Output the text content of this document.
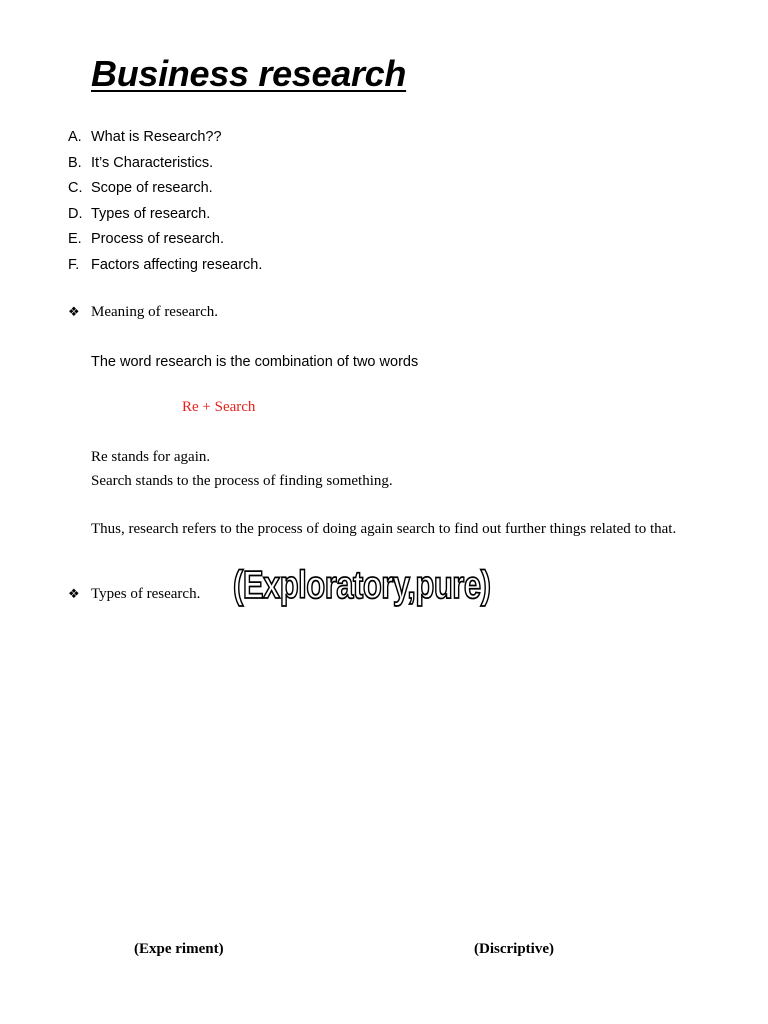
Business research
A. What is Research??
B. It’s Characteristics.
C. Scope of research.
D. Types of research.
E. Process of research.
F. Factors affecting research.
❖ Meaning of research.

The word research is the combination of two words

Re + Search

Re stands for again.

Search stands to the process of finding something.

Thus, research refers to the process of doing again search to find out further things related to that.

❖ Types of research. (Exploratory,pure)

(Expe riment)	(Discriptive)
